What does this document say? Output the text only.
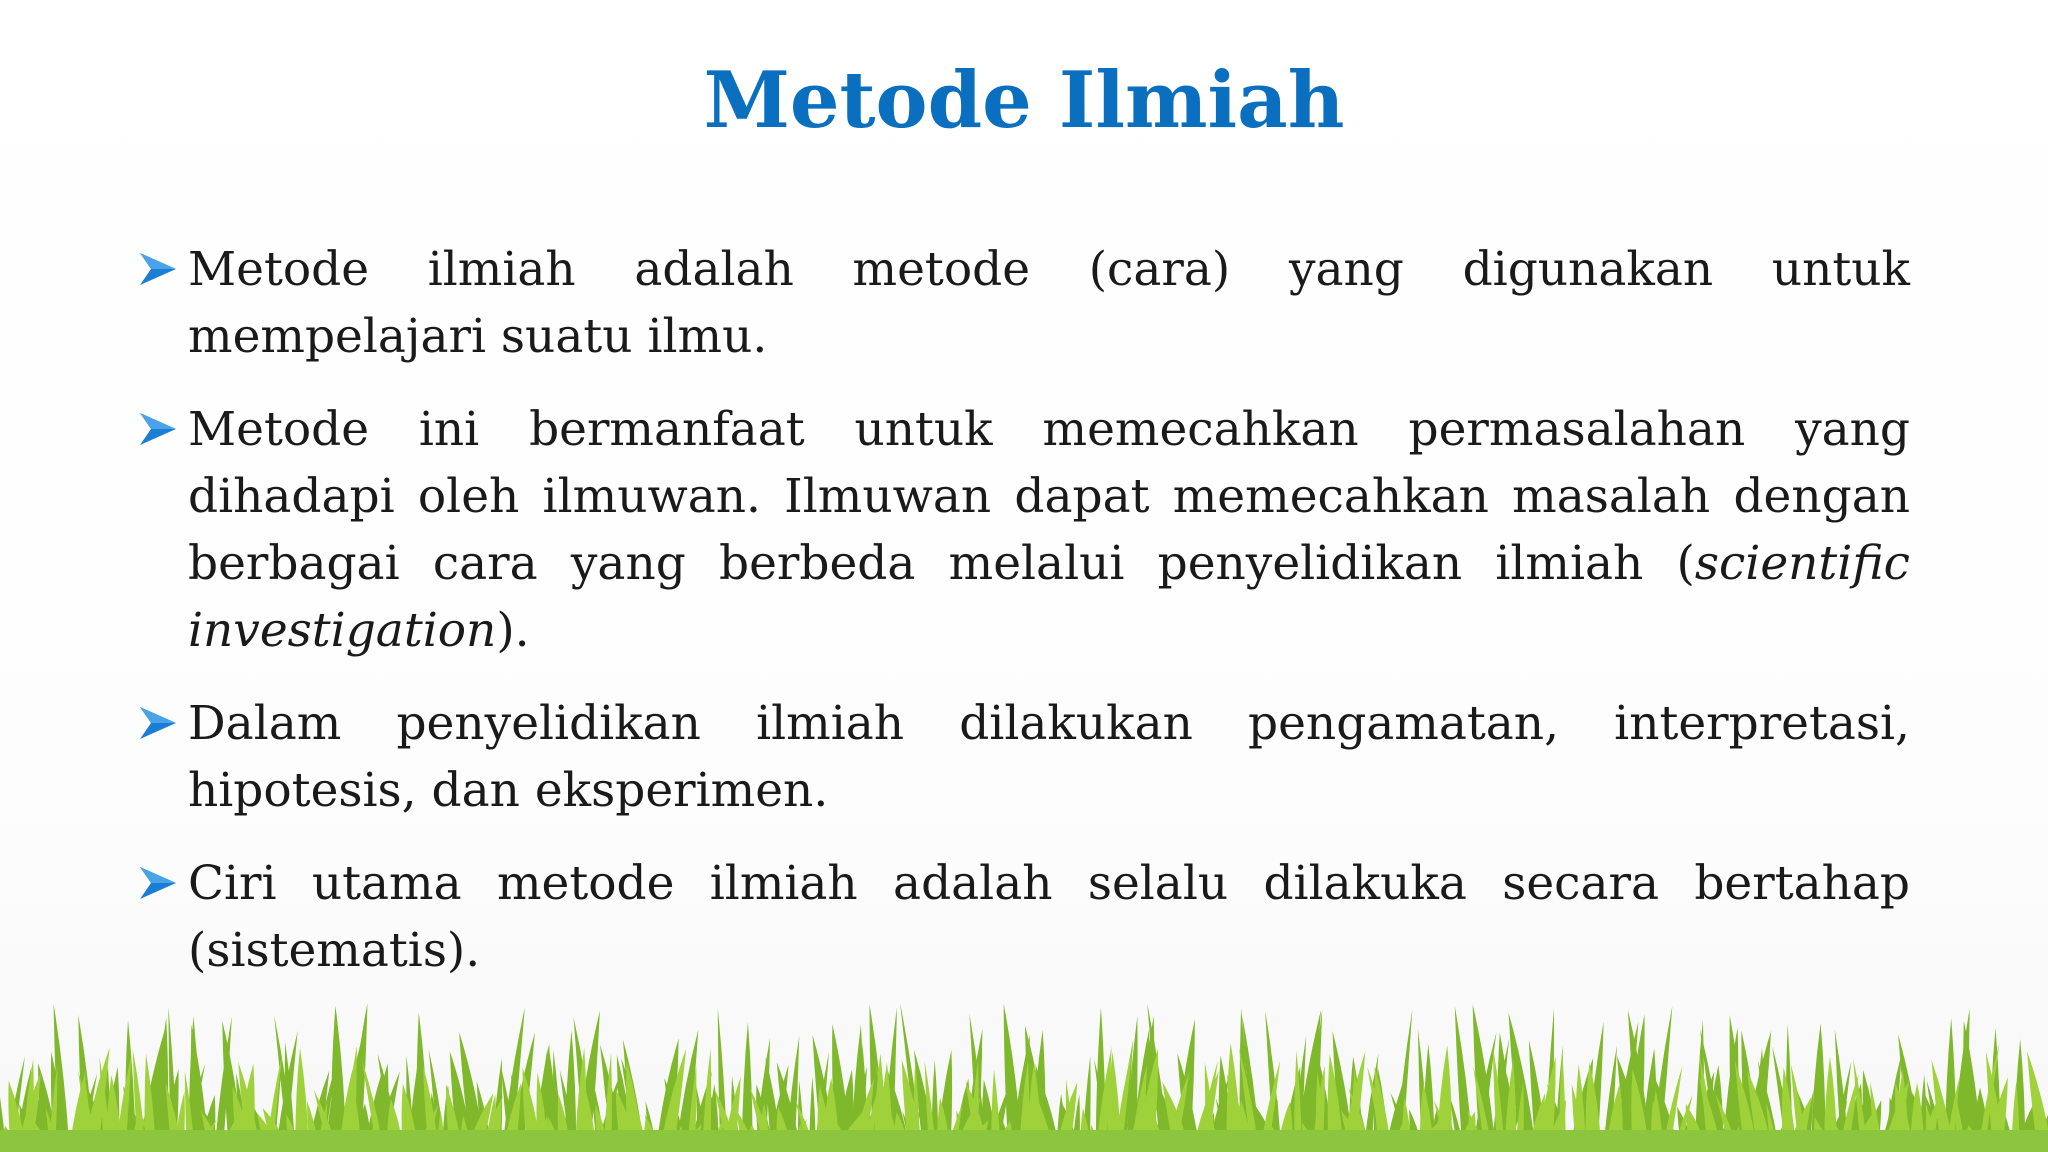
Metode Ilmiah
Metode ilmiah adalah metode (cara) yang digunakan untuk mempelajari suatu ilmu.
Metode ini bermanfaat untuk memecahkan permasalahan yang dihadapi oleh ilmuwan. Ilmuwan dapat memecahkan masalah dengan berbagai cara yang berbeda melalui penyelidikan ilmiah (scientific investigation).
Dalam penyelidikan ilmiah dilakukan pengamatan, interpretasi, hipotesis, dan eksperimen.
Ciri utama metode ilmiah adalah selalu dilakuka secara bertahap (sistematis).
